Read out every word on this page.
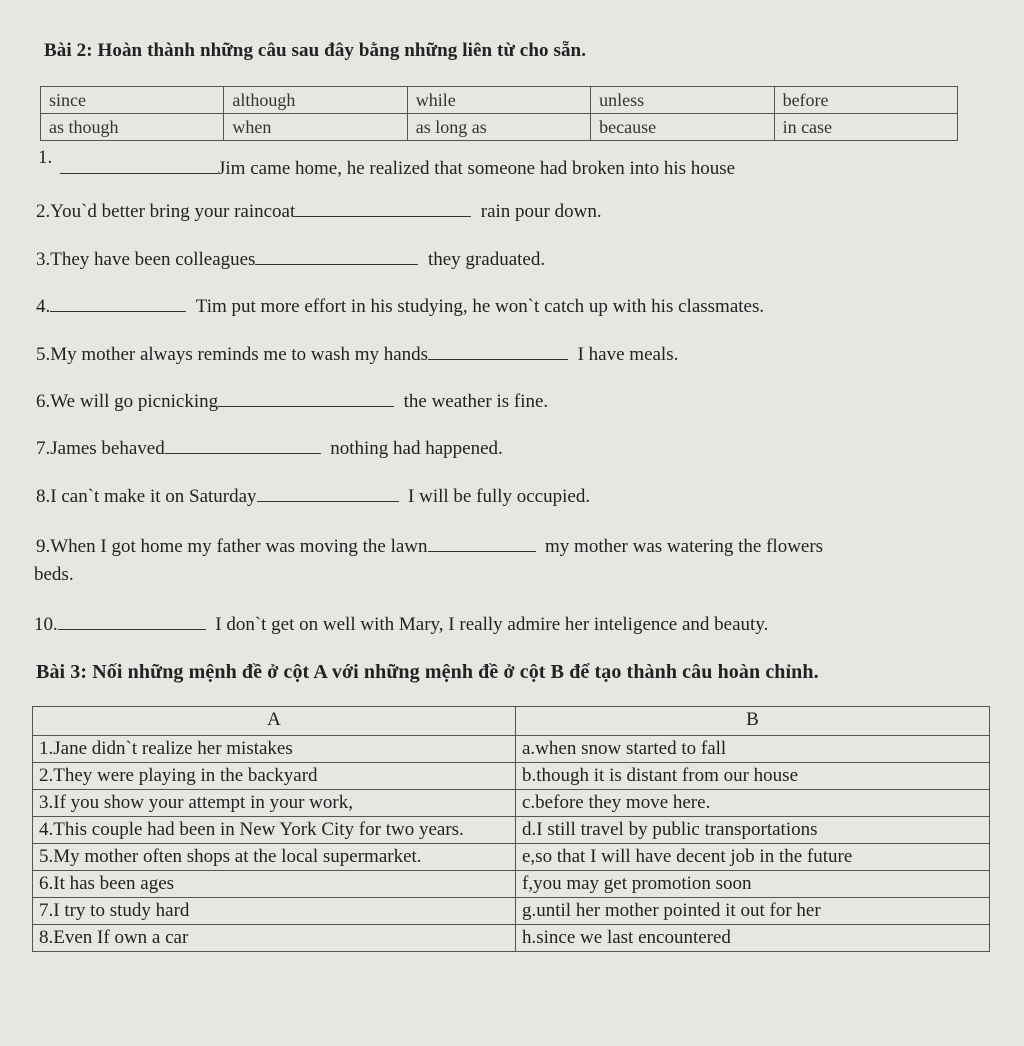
Bài 2: Hoàn thành những câu sau đây bằng những liên từ cho sẵn.
since	although	while	unless	before
as though	when	as long as	because	in case
1.
Jim came home, he realized that someone had broken into his house
2.You`d better bring your raincoat	rain pour down.
3.They have been colleagues	they graduated.
4.	Tim put more effort in his studying, he won`t catch up with his classmates.
5.My mother always reminds me to wash my hands	I have meals.
6.We will go picnicking	the weather is fine.
7.James behaved	nothing had happened.
8.I can`t make it on Saturday	I will be fully occupied.
9.When I got home my father was moving the lawn	my mother was watering the flowers
beds.
10.	I don`t get on well with Mary, I really admire her inteligence and beauty.
Bài 3: Nối những mệnh đề ở cột A với những mệnh đề ở cột B để tạo thành câu hoàn chỉnh.
A	B
1.Jane didn`t realize her mistakes	a.when snow started to fall
2.They were playing in the backyard	b.though it is distant from our house
3.If you show your attempt in your work,	c.before they move here.
4.This couple had been in New York City for two years.	d.I still travel by public transportations
5.My mother often shops at the local supermarket.	e,so that I will have decent job in the future
6.It has been ages	f,you may get promotion soon
7.I try to study hard	g.until her mother pointed it out for her
8.Even If own a car	h.since we last encountered
